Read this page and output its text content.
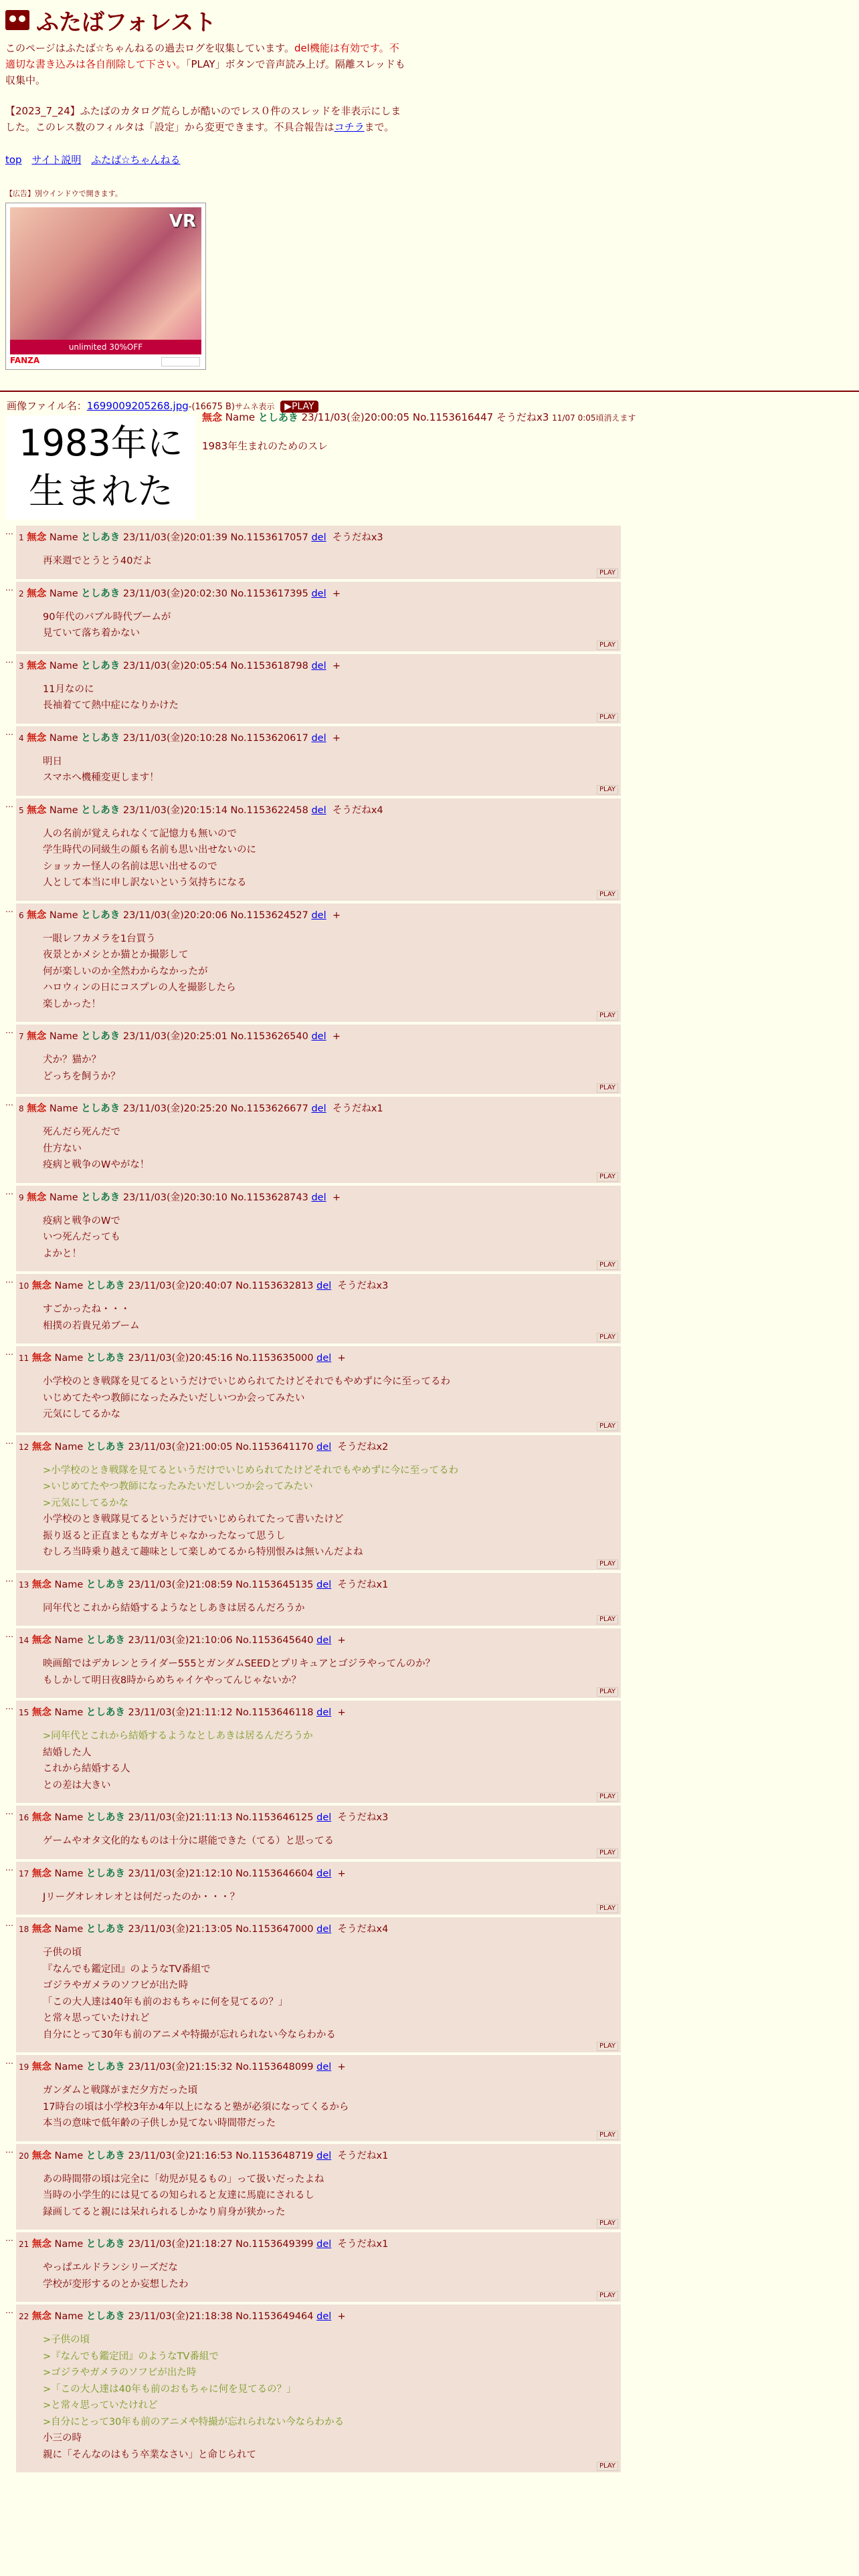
ふたばフォレスト
このページはふたば☆ちゃんねるの過去ログを収集しています。del機能は有効です。不適切な書き込みは各自削除して下さい。「PLAY」ボタンで音声読み上げ。隔離スレッドも収集中。
【2023_7_24】ふたばのカタログ荒らしが酷いのでレス０件のスレッドを非表示にしました。このレス数のフィルタは「設定」から変更できます。不具合報告はコチラまで。
top サイト説明 ふたば☆ちゃんねる
【広告】別ウインドウで開きます。
VR
unlimited 30%OFF
FANZA
画像ファイル名：1699009205268.jpg-(16675 B)サムネ表示 ▶PLAY
1983年に
生まれた
無念 Name としあき 23/11/03(金)20:00:05 No.1153616447 そうだねx3 11/07 0:05頃消えます
1983年生まれのためのスレ
…
1 無念 Name としあき 23/11/03(金)20:01:39 No.1153617057 del そうだねx3
再来週でとうとう40だよ
PLAY
…
2 無念 Name としあき 23/11/03(金)20:02:30 No.1153617395 del +
90年代のバブル時代ブームが
見ていて落ち着かない
PLAY
…
3 無念 Name としあき 23/11/03(金)20:05:54 No.1153618798 del +
11月なのに
長袖着てて熱中症になりかけた
PLAY
…
4 無念 Name としあき 23/11/03(金)20:10:28 No.1153620617 del +
明日
スマホへ機種変更します！
PLAY
…
5 無念 Name としあき 23/11/03(金)20:15:14 No.1153622458 del そうだねx4
人の名前が覚えられなくて記憶力も無いので
学生時代の同級生の顔も名前も思い出せないのに
ショッカー怪人の名前は思い出せるので
人として本当に申し訳ないという気持ちになる
PLAY
…
6 無念 Name としあき 23/11/03(金)20:20:06 No.1153624527 del +
一眼レフカメラを1台買う
夜景とかメシとか猫とか撮影して
何が楽しいのか全然わからなかったが
ハロウィンの日にコスプレの人を撮影したら
楽しかった！
PLAY
…
7 無念 Name としあき 23/11/03(金)20:25:01 No.1153626540 del +
犬か？猫か？
どっちを飼うか？
PLAY
…
8 無念 Name としあき 23/11/03(金)20:25:20 No.1153626677 del そうだねx1
死んだら死んだで
仕方ない
疫病と戦争のWやがな！
PLAY
…
9 無念 Name としあき 23/11/03(金)20:30:10 No.1153628743 del +
疫病と戦争のWで
いつ死んだっても
よかと！
PLAY
…
10 無念 Name としあき 23/11/03(金)20:40:07 No.1153632813 del そうだねx3
すごかったね・・・
相撲の若貴兄弟ブーム
PLAY
…
11 無念 Name としあき 23/11/03(金)20:45:16 No.1153635000 del +
小学校のとき戦隊を見てるというだけでいじめられてたけどそれでもやめずに今に至ってるわ
いじめてたやつ教師になったみたいだしいつか会ってみたい
元気にしてるかな
PLAY
…
12 無念 Name としあき 23/11/03(金)21:00:05 No.1153641170 del そうだねx2
>小学校のとき戦隊を見てるというだけでいじめられてたけどそれでもやめずに今に至ってるわ
>いじめてたやつ教師になったみたいだしいつか会ってみたい
>元気にしてるかな
小学校のとき戦隊見てるというだけでいじめられてたって書いたけど
振り返ると正直まともなガキじゃなかったなって思うし
むしろ当時乗り越えて趣味として楽しめてるから特別恨みは無いんだよね
PLAY
…
13 無念 Name としあき 23/11/03(金)21:08:59 No.1153645135 del そうだねx1
同年代とこれから結婚するようなとしあきは居るんだろうか
PLAY
…
14 無念 Name としあき 23/11/03(金)21:10:06 No.1153645640 del +
映画館ではデカレンとライダー555とガンダムSEEDとプリキュアとゴジラやってんのか？
もしかして明日夜8時からめちゃイケやってんじゃないか？
PLAY
…
15 無念 Name としあき 23/11/03(金)21:11:12 No.1153646118 del +
>同年代とこれから結婚するようなとしあきは居るんだろうか
結婚した人
これから結婚する人
との差は大きい
PLAY
…
16 無念 Name としあき 23/11/03(金)21:11:13 No.1153646125 del そうだねx3
ゲームやオタ文化的なものは十分に堪能できた（てる）と思ってる
PLAY
…
17 無念 Name としあき 23/11/03(金)21:12:10 No.1153646604 del +
Jリーグオレオレオとは何だったのか・・・？
PLAY
…
18 無念 Name としあき 23/11/03(金)21:13:05 No.1153647000 del そうだねx4
子供の頃
『なんでも鑑定団』のようなTV番組で
ゴジラやガメラのソフビが出た時
「この大人達は40年も前のおもちゃに何を見てるの？」
と常々思っていたけれど
自分にとって30年も前のアニメや特撮が忘れられない今ならわかる
PLAY
…
19 無念 Name としあき 23/11/03(金)21:15:32 No.1153648099 del +
ガンダムと戦隊がまだ夕方だった頃
17時台の頃は小学校3年か4年以上になると塾が必須になってくるから
本当の意味で低年齢の子供しか見てない時間帯だった
PLAY
…
20 無念 Name としあき 23/11/03(金)21:16:53 No.1153648719 del そうだねx1
あの時間帯の頃は完全に「幼児が見るもの」って扱いだったよね
当時の小学生的には見てるの知られると友達に馬鹿にされるし
録画してると親には呆れられるしかなり肩身が狭かった
PLAY
…
21 無念 Name としあき 23/11/03(金)21:18:27 No.1153649399 del そうだねx1
やっぱエルドランシリーズだな
学校が変形するのとか妄想したわ
PLAY
…
22 無念 Name としあき 23/11/03(金)21:18:38 No.1153649464 del +
>子供の頃
>『なんでも鑑定団』のようなTV番組で
>ゴジラやガメラのソフビが出た時
>「この大人達は40年も前のおもちゃに何を見てるの？」
>と常々思っていたけれど
>自分にとって30年も前のアニメや特撮が忘れられない今ならわかる
小三の時
親に「そんなのはもう卒業なさい」と命じられて
PLAY
